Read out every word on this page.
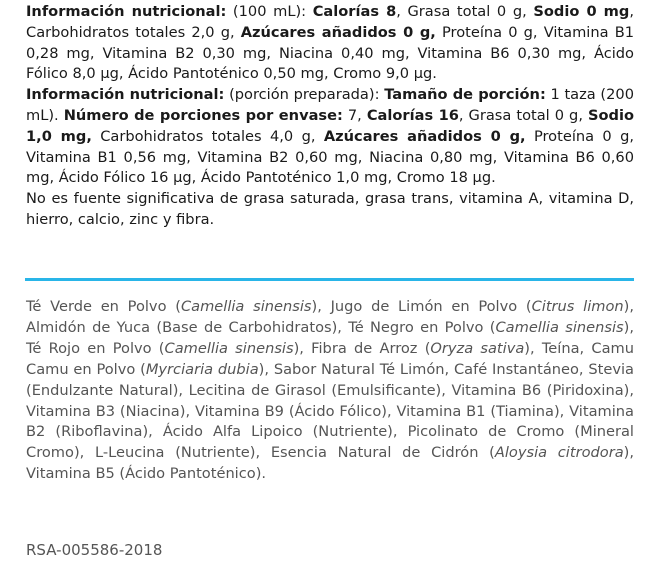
Información nutricional: (100 mL): Calorías 8, Grasa total 0 g, Sodio 0 mg, Carbohidratos totales 2,0 g, Azúcares añadidos 0 g, Proteína 0 g, Vitamina B1 0,28 mg, Vitamina B2 0,30 mg, Niacina 0,40 mg, Vitamina B6 0,30 mg, Ácido Fólico 8,0 µg, Ácido Pantoténico 0,50 mg, Cromo 9,0 µg.

Información nutricional: (porción preparada): Tamaño de porción: 1 taza (200 mL). Número de porciones por envase: 7, Calorías 16, Grasa total 0 g, Sodio 1,0 mg, Carbohidratos totales 4,0 g, Azúcares añadidos 0 g, Proteína 0 g, Vitamina B1 0,56 mg, Vitamina B2 0,60 mg, Niacina 0,80 mg, Vitamina B6 0,60 mg, Ácido Fólico 16 µg, Ácido Pantoténico 1,0 mg, Cromo 18 µg.

No es fuente significativa de grasa saturada, grasa trans, vitamina A, vitamina D, hierro, calcio, zinc y fibra.

Té Verde en Polvo (Camellia sinensis), Jugo de Limón en Polvo (Citrus limon), Almidón de Yuca (Base de Carbohidratos), Té Negro en Polvo (Camellia sinensis), Té Rojo en Polvo (Camellia sinensis), Fibra de Arroz (Oryza sativa), Teína, Camu Camu en Polvo (Myrciaria dubia), Sabor Natural Té Limón, Café Instantáneo, Stevia (Endulzante Natural), Lecitina de Girasol (Emulsificante), Vitamina B6 (Piridoxina), Vitamina B3 (Niacina), Vitamina B9 (Ácido Fólico), Vitamina B1 (Tiamina), Vitamina B2 (Riboflavina), Ácido Alfa Lipoico (Nutriente), Picolinato de Cromo (Mineral Cromo), L-Leucina (Nutriente), Esencia Natural de Cidrón (Aloysia citrodora), Vitamina B5 (Ácido Pantoténico).

RSA-005586-2018
